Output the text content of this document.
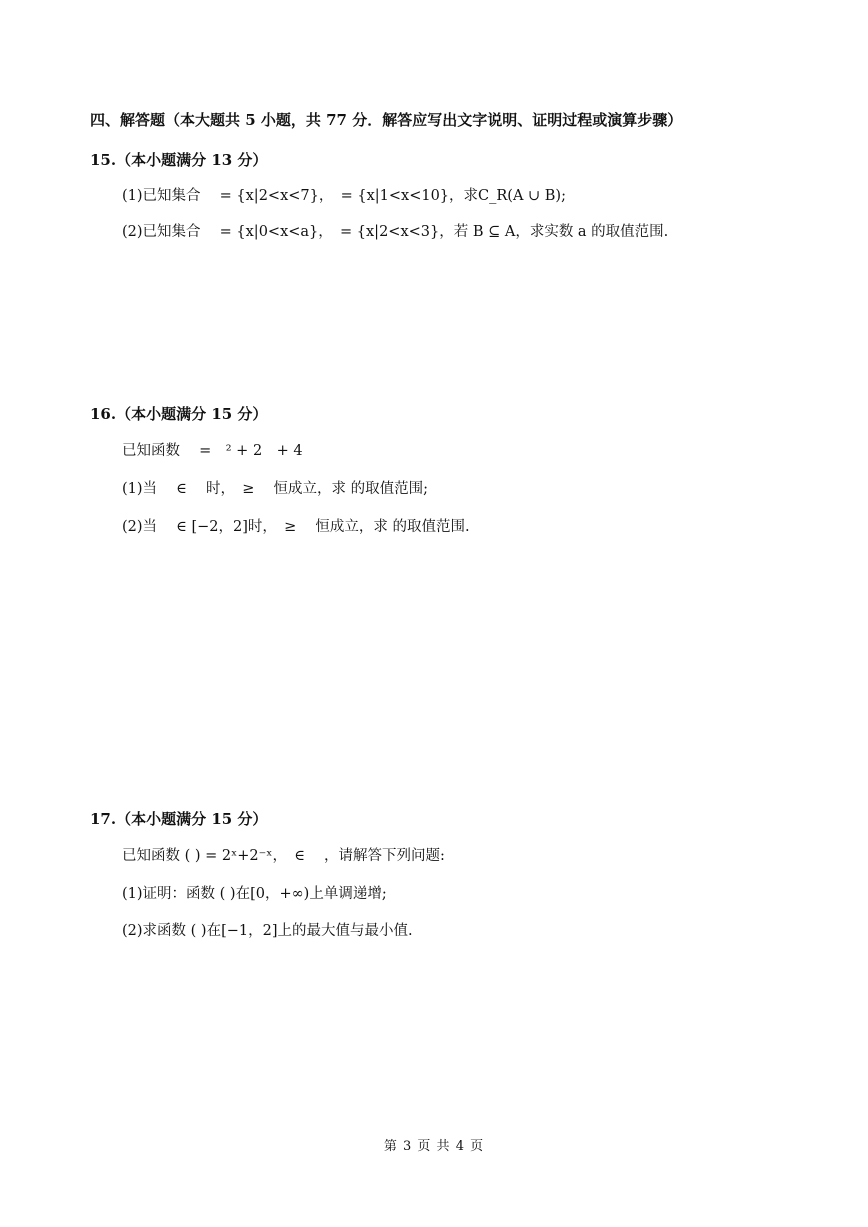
四、解答题（本大题共 5 小题，共 77 分．解答应写出文字说明、证明过程或演算步骤）
15.（本小题满分 13 分）
(1)已知集合 　= {x|2<x<7}，　= {x|1<x<10}，求C_R(A ∪ B);
(2)已知集合 　= {x|0<x<a}，　= {x|2<x<3}，若 B ⊆ A，求实数 a 的取值范围.
16.（本小题满分 15 分）
已知函数 　=　² + 2　+ 4
(1)当 　∈ 　时，　≥ 　恒成立，求 的取值范围;
(2)当 　∈ [−2，2]时，　≥ 　恒成立，求 的取值范围.
17.（本小题满分 15 分）
已知函数 ( ) = 2ˣ+2⁻ˣ，　∈ 　，请解答下列问题:
(1)证明：函数 ( )在[0，+∞)上单调递增;
(2)求函数 ( )在[−1，2]上的最大值与最小值.
第 3 页 共 4 页
